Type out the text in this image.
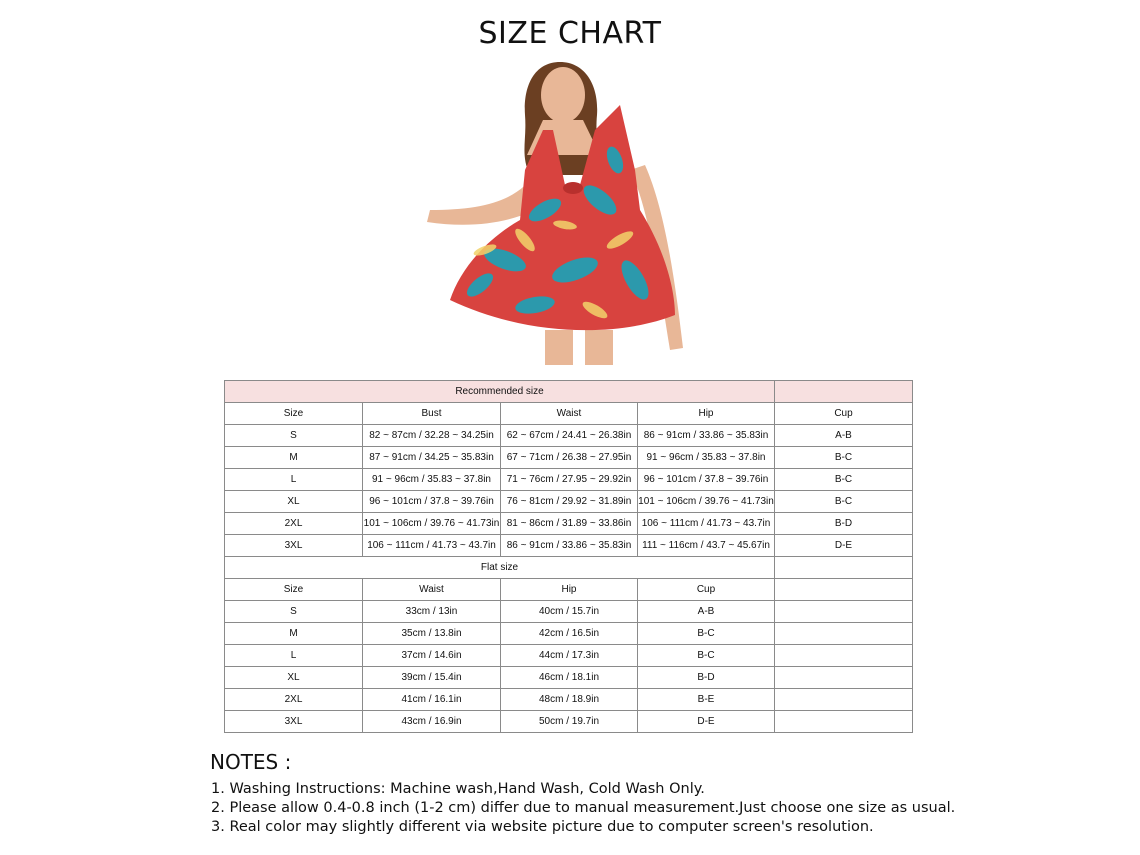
SIZE CHART
Recommended size				
Size	Bust	Waist	Hip	Cup
S	82 ~ 87cm / 32.28 ~ 34.25in	62 ~ 67cm / 24.41 ~ 26.38in	86 ~ 91cm / 33.86 ~ 35.83in	A-B
M	87 ~ 91cm / 34.25 ~ 35.83in	67 ~ 71cm / 26.38 ~ 27.95in	91 ~ 96cm / 35.83 ~ 37.8in	B-C
L	91 ~ 96cm / 35.83 ~ 37.8in	71 ~ 76cm / 27.95 ~ 29.92in	96 ~ 101cm / 37.8 ~ 39.76in	B-C
XL	96 ~ 101cm / 37.8 ~ 39.76in	76 ~ 81cm / 29.92 ~ 31.89in	101 ~ 106cm / 39.76 ~ 41.73in	B-C
2XL	101 ~ 106cm / 39.76 ~ 41.73in	81 ~ 86cm / 31.89 ~ 33.86in	106 ~ 111cm / 41.73 ~ 43.7in	B-D
3XL	106 ~ 111cm / 41.73 ~ 43.7in	86 ~ 91cm / 33.86 ~ 35.83in	111 ~ 116cm / 43.7 ~ 45.67in	D-E
Flat size				
Size	Waist	Hip	Cup	
S	33cm / 13in	40cm / 15.7in	A-B	
M	35cm / 13.8in	42cm / 16.5in	B-C	
L	37cm / 14.6in	44cm / 17.3in	B-C	
XL	39cm / 15.4in	46cm / 18.1in	B-D	
2XL	41cm / 16.1in	48cm / 18.9in	B-E	
3XL	43cm / 16.9in	50cm / 19.7in	D-E	
NOTES :
1. Washing Instructions: Machine wash,Hand Wash, Cold Wash Only.
2. Please allow 0.4-0.8 inch (1-2 cm) differ due to manual measurement.Just choose one size as usual.
3. Real color may slightly different via website picture due to computer screen's resolution.
